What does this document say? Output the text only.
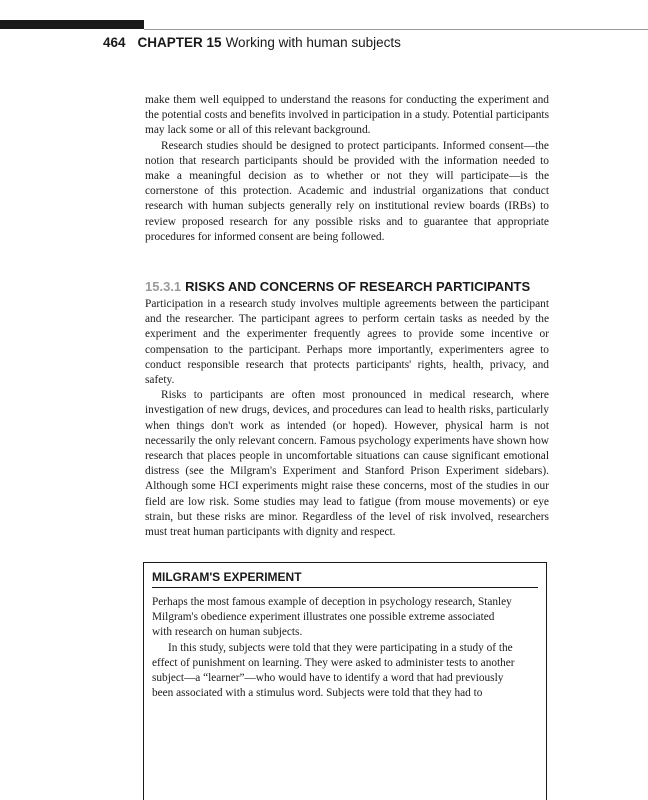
464 CHAPTER 15 Working with human subjects

make them well equipped to understand the reasons for conducting the experiment and the potential costs and benefits involved in participation in a study. Potential participants may lack some or all of this relevant background.

Research studies should be designed to protect participants. Informed consent—the notion that research participants should be provided with the information needed to make a meaningful decision as to whether or not they will participate—is the cornerstone of this protection. Academic and industrial organizations that conduct research with human subjects generally rely on institutional review boards (IRBs) to review proposed research for any possible risks and to guarantee that appropriate procedures for informed consent are being followed.

15.3.1 RISKS AND CONCERNS OF RESEARCH PARTICIPANTS

Participation in a research study involves multiple agreements between the participant and the researcher. The participant agrees to perform certain tasks as needed by the experiment and the experimenter frequently agrees to provide some incentive or compensation to the participant. Perhaps more importantly, experimenters agree to conduct responsible research that protects participants' rights, health, privacy, and safety.

Risks to participants are often most pronounced in medical research, where investigation of new drugs, devices, and procedures can lead to health risks, particularly when things don't work as intended (or hoped). However, physical harm is not necessarily the only relevant concern. Famous psychology experiments have shown how research that places people in uncomfortable situations can cause significant emotional distress (see the Milgram's Experiment and Stanford Prison Experiment sidebars). Although some HCI experiments might raise these concerns, most of the studies in our field are low risk. Some studies may lead to fatigue (from mouse movements) or eye strain, but these risks are minor. Regardless of the level of risk involved, researchers must treat human participants with dignity and respect.

MILGRAM'S EXPERIMENT

Perhaps the most famous example of deception in psychology research, Stanley
Milgram's obedience experiment illustrates one possible extreme associated
with research on human subjects.

In this study, subjects were told that they were participating in a study of the
effect of punishment on learning. They were asked to administer tests to another
subject—a “learner”—who would have to identify a word that had previously
been associated with a stimulus word. Subjects were told that they had to
